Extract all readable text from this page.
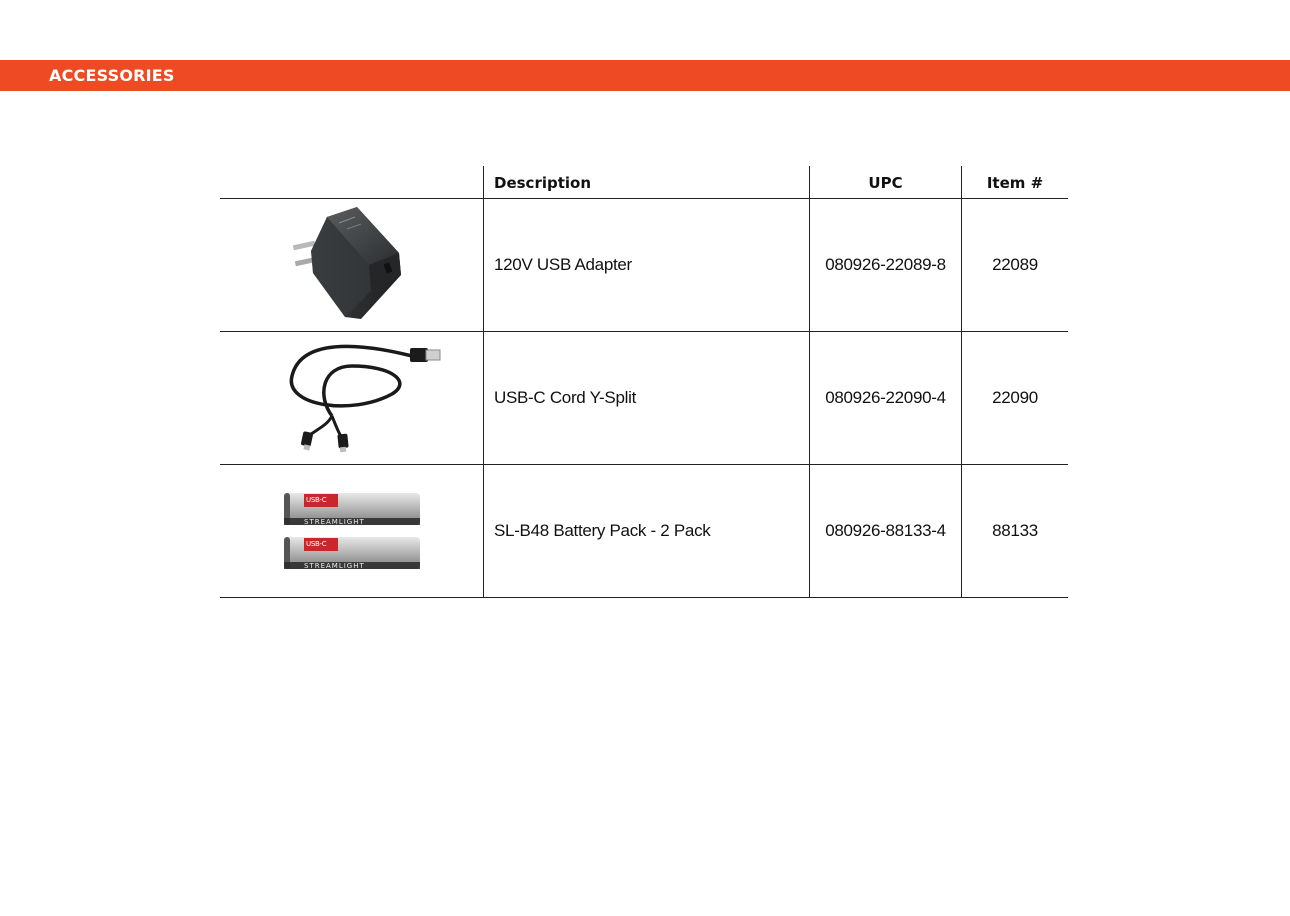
ACCESSORIES
Description	UPC	Item #
120V USB Adapter	080926-22089-8	22089
USB-C Cord Y-Split	080926-22090-4	22090
USB-C
STREAMLIGHT
USB-C
STREAMLIGHT
SL-B48 Battery Pack - 2 Pack	080926-88133-4	88133
